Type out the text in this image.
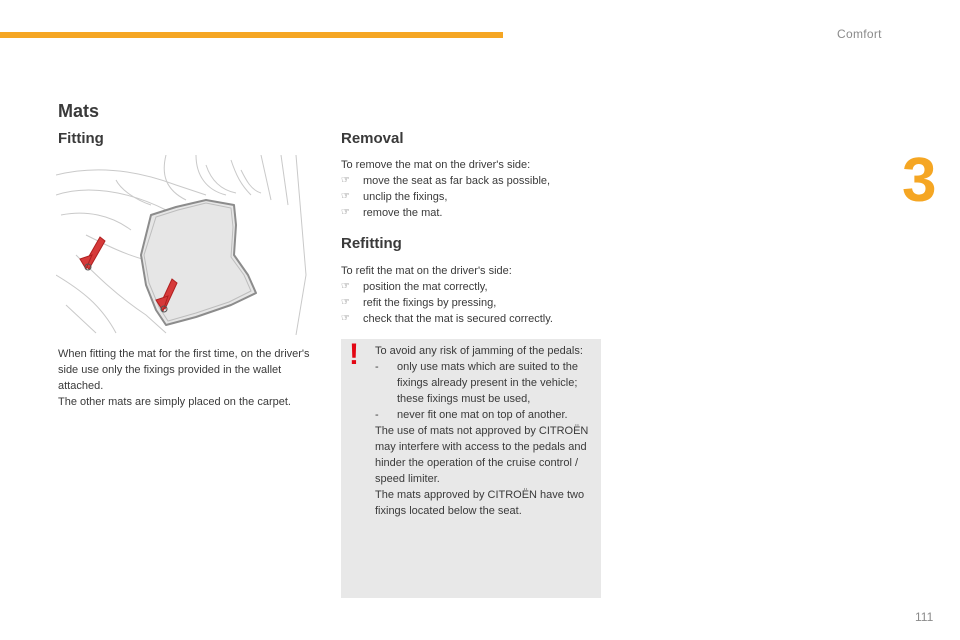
Comfort
3
Mats
Fitting

When fitting the mat for the first time, on the driver's side use only the fixings provided in the wallet attached.

The other mats are simply placed on the carpet.

Removal

To remove the mat on the driver's side:

☞ move the seat as far back as possible,
☞ unclip the fixings,
☞ remove the mat.
Refitting

To refit the mat on the driver's side:

☞ position the mat correctly,
☞ refit the fixings by pressing,
☞ check that the mat is secured correctly.
! To avoid any risk of jamming of the pedals:

- only use mats which are suited to the fixings already present in the vehicle; these fixings must be used,
- never fit one mat on top of another.

The use of mats not approved by CITROËN may interfere with access to the pedals and hinder the operation of the cruise control / speed limiter.

The mats approved by CITROËN have two fixings located below the seat.

111
